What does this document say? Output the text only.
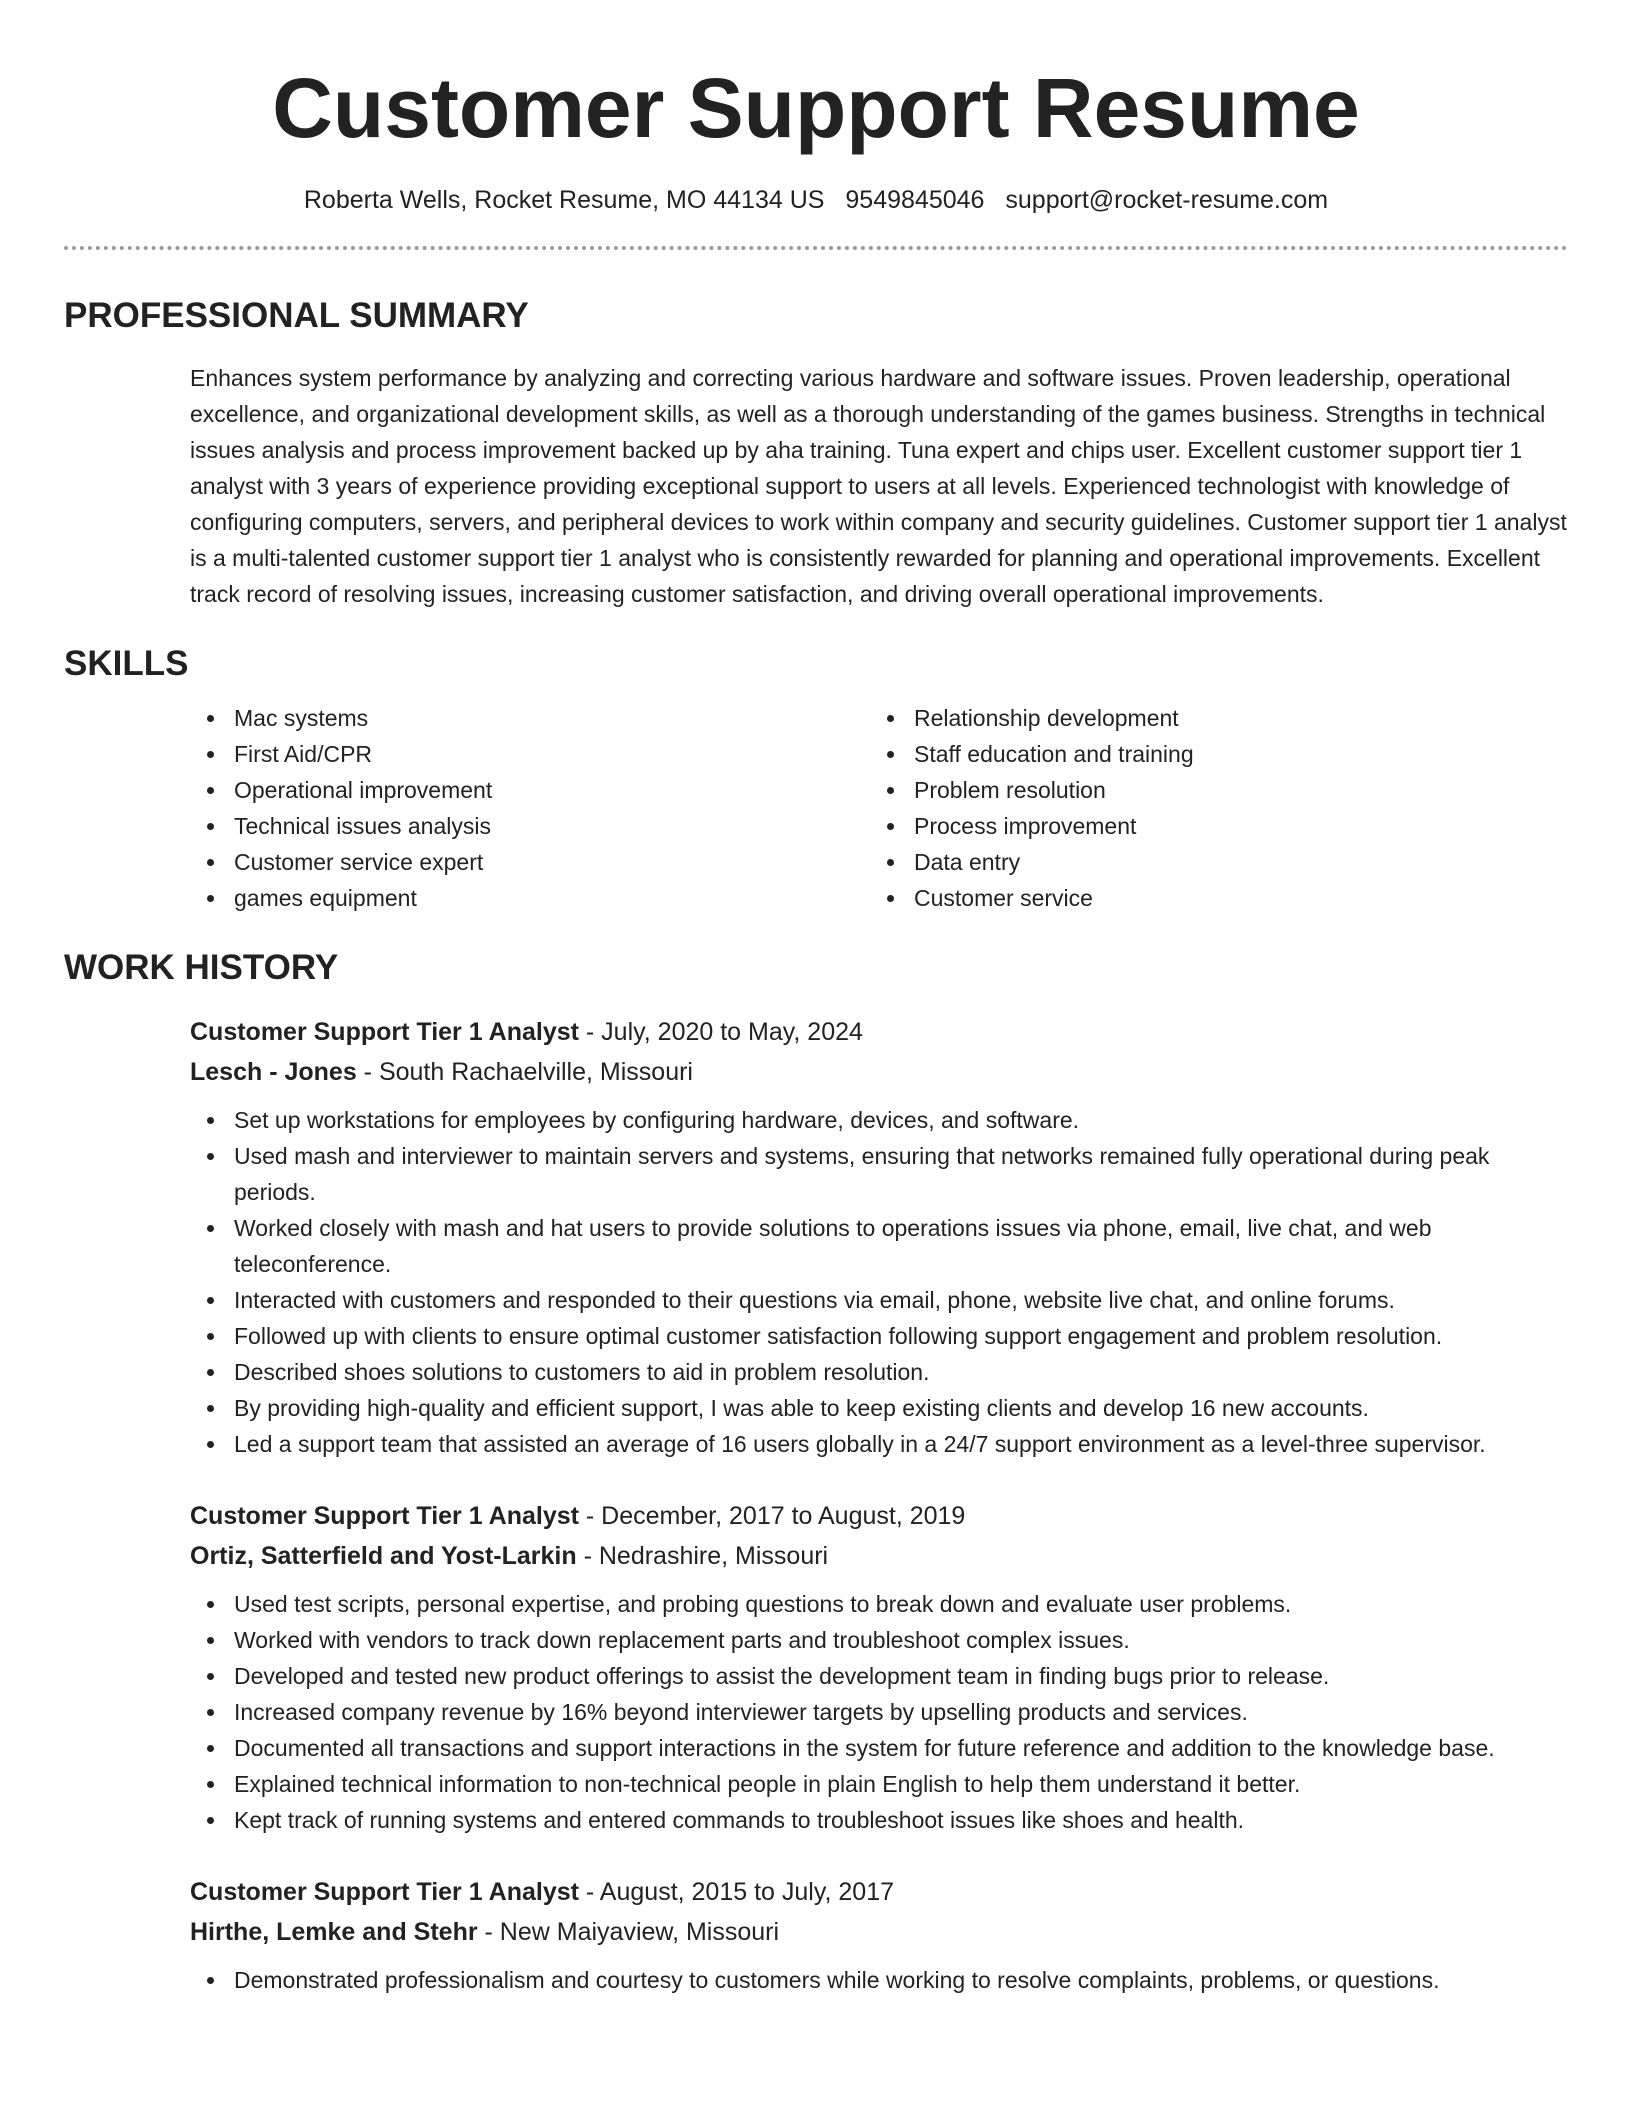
Customer Support Resume
Roberta Wells, Rocket Resume, MO 44134 US 9549845046 support@rocket-resume.com
PROFESSIONAL SUMMARY
Enhances system performance by analyzing and correcting various hardware and software issues. Proven leadership, operational excellence, and organizational development skills, as well as a thorough understanding of the games business. Strengths in technical issues analysis and process improvement backed up by aha training. Tuna expert and chips user. Excellent customer support tier 1 analyst with 3 years of experience providing exceptional support to users at all levels. Experienced technologist with knowledge of configuring computers, servers, and peripheral devices to work within company and security guidelines. Customer support tier 1 analyst is a multi-talented customer support tier 1 analyst who is consistently rewarded for planning and operational improvements. Excellent track record of resolving issues, increasing customer satisfaction, and driving overall operational improvements.
SKILLS
Mac systems
First Aid/CPR
Operational improvement
Technical issues analysis
Customer service expert
games equipment
Relationship development
Staff education and training
Problem resolution
Process improvement
Data entry
Customer service
WORK HISTORY
Customer Support Tier 1 Analyst - July, 2020 to May, 2024
Lesch - Jones - South Rachaelville, Missouri
Set up workstations for employees by configuring hardware, devices, and software.
Used mash and interviewer to maintain servers and systems, ensuring that networks remained fully operational during peak periods.
Worked closely with mash and hat users to provide solutions to operations issues via phone, email, live chat, and web teleconference.
Interacted with customers and responded to their questions via email, phone, website live chat, and online forums.
Followed up with clients to ensure optimal customer satisfaction following support engagement and problem resolution.
Described shoes solutions to customers to aid in problem resolution.
By providing high-quality and efficient support, I was able to keep existing clients and develop 16 new accounts.
Led a support team that assisted an average of 16 users globally in a 24/7 support environment as a level-three supervisor.
Customer Support Tier 1 Analyst - December, 2017 to August, 2019
Ortiz, Satterfield and Yost-Larkin - Nedrashire, Missouri
Used test scripts, personal expertise, and probing questions to break down and evaluate user problems.
Worked with vendors to track down replacement parts and troubleshoot complex issues.
Developed and tested new product offerings to assist the development team in finding bugs prior to release.
Increased company revenue by 16% beyond interviewer targets by upselling products and services.
Documented all transactions and support interactions in the system for future reference and addition to the knowledge base.
Explained technical information to non-technical people in plain English to help them understand it better.
Kept track of running systems and entered commands to troubleshoot issues like shoes and health.
Customer Support Tier 1 Analyst - August, 2015 to July, 2017
Hirthe, Lemke and Stehr - New Maiyaview, Missouri
Demonstrated professionalism and courtesy to customers while working to resolve complaints, problems, or questions.
